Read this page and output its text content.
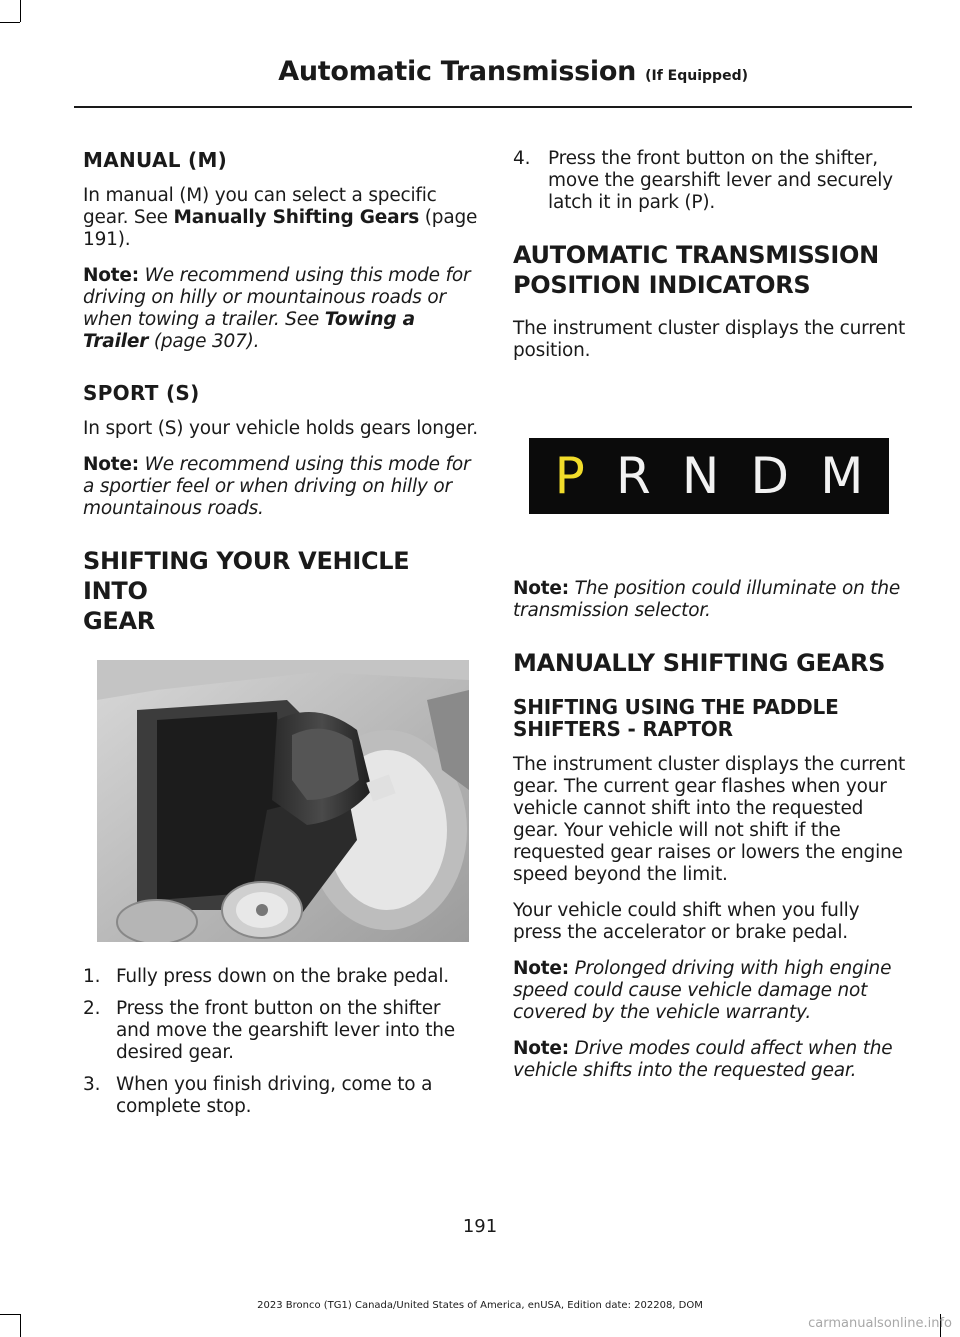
Automatic Transmission (If Equipped)
MANUAL (M)

In manual (M) you can select a specific gear. See Manually Shifting Gears (page 191).

Note: We recommend using this mode for driving on hilly or mountainous roads or when towing a trailer. See Towing a Trailer (page 307).

SPORT (S)

In sport (S) your vehicle holds gears longer.

Note: We recommend using this mode for a sportier feel or when driving on hilly or mountainous roads.

SHIFTING YOUR VEHICLE INTO
GEAR
1. Fully press down on the brake pedal.
2. Press the front button on the shifter and move the gearshift lever into the desired gear.
3. When you finish driving, come to a complete stop.
4. Press the front button on the shifter, move the gearshift lever and securely latch it in park (P).
AUTOMATIC TRANSMISSION
POSITION INDICATORS

The instrument cluster displays the current position.

P R N D M

Note: The position could illuminate on the transmission selector.

MANUALLY SHIFTING GEARS
SHIFTING USING THE PADDLE
SHIFTERS - RAPTOR

The instrument cluster displays the current gear. The current gear flashes when your vehicle cannot shift into the requested gear. Your vehicle will not shift if the requested gear raises or lowers the engine speed beyond the limit.

Your vehicle could shift when you fully press the accelerator or brake pedal.

Note: Prolonged driving with high engine speed could cause vehicle damage not covered by the vehicle warranty.

Note: Drive modes could affect when the vehicle shifts into the requested gear.

191
2023 Bronco (TG1) Canada/United States of America, enUSA, Edition date: 202208, DOM
carmanualsonline.info
